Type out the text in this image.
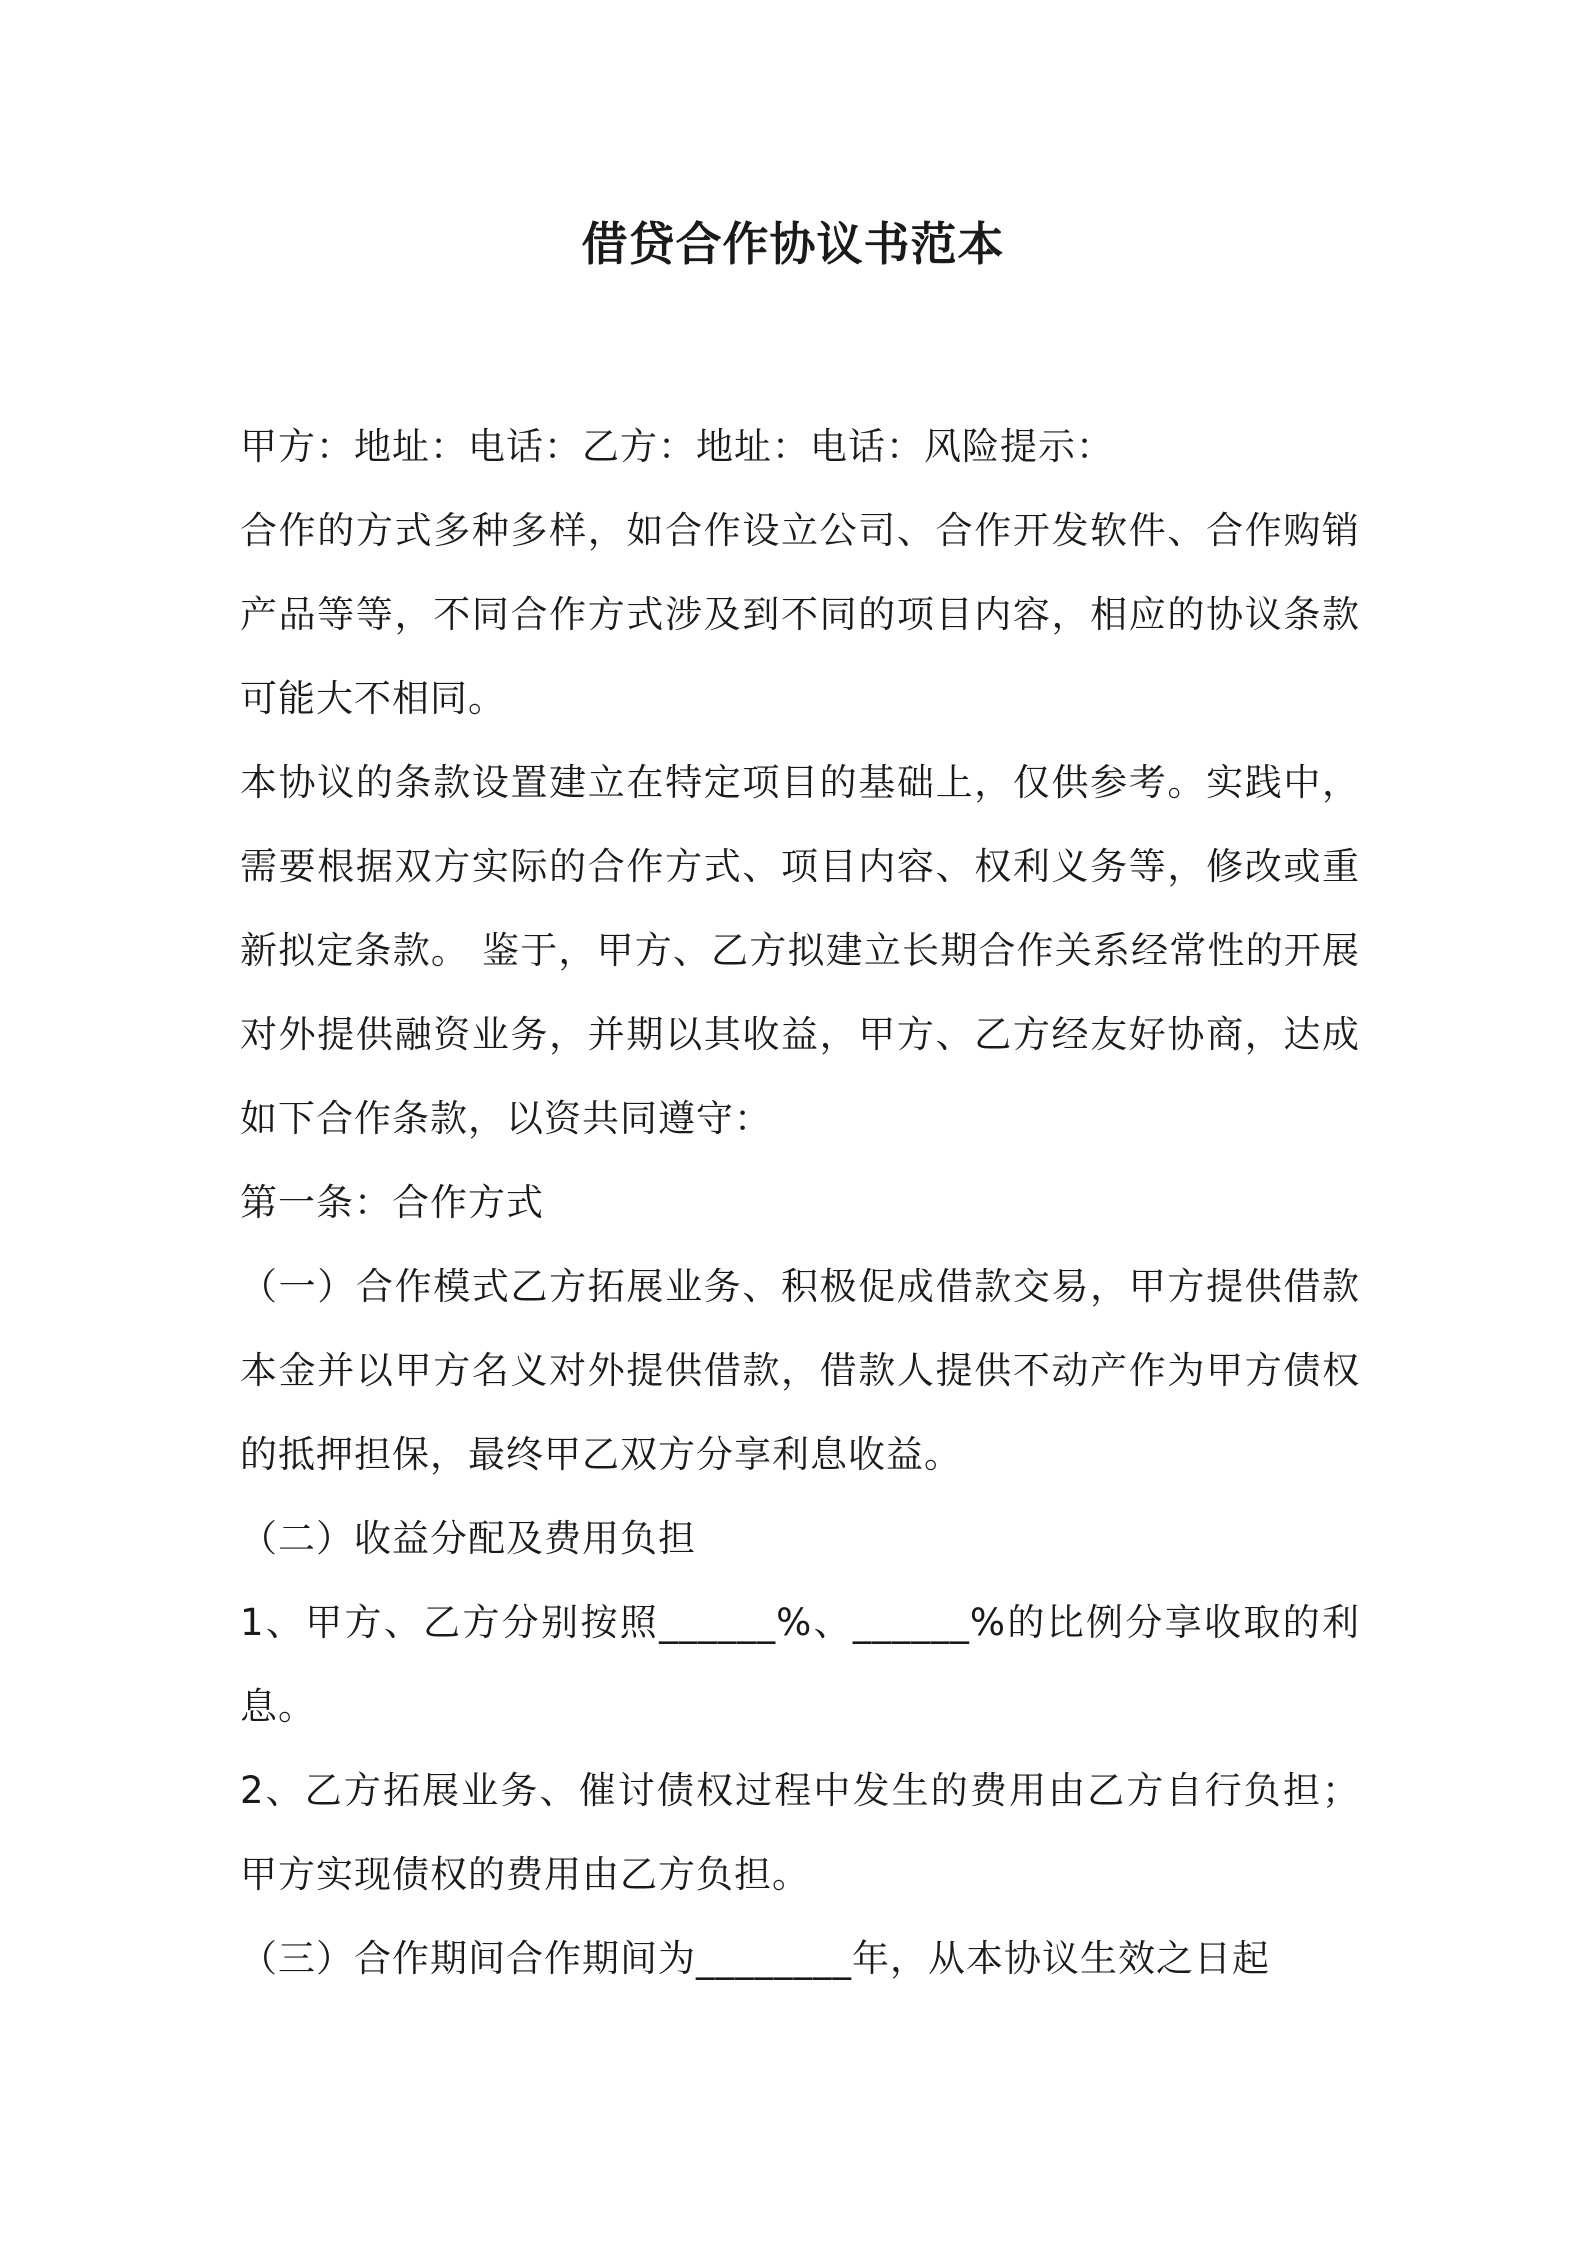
借贷合作协议书范本

甲方：地址：电话：乙方：地址：电话：风险提示：

合作的方式多种多样，如合作设立公司、合作开发软件、合作购销产品等等，不同合作方式涉及到不同的项目内容，相应的协议条款可能大不相同。

本协议的条款设置建立在特定项目的基础上，仅供参考。实践中，需要根据双方实际的合作方式、项目内容、权利义务等，修改或重新拟定条款。 鉴于，甲方、乙方拟建立长期合作关系经常性的开展对外提供融资业务，并期以其收益，甲方、乙方经友好协商，达成如下合作条款，以资共同遵守：

第一条：合作方式

（一）合作模式乙方拓展业务、积极促成借款交易，甲方提供借款本金并以甲方名义对外提供借款，借款人提供不动产作为甲方债权的抵押担保，最终甲乙双方分享利息收益。

（二）收益分配及费用负担

1、甲方、乙方分别按照______%、______%的比例分享收取的利息。

2、乙方拓展业务、催讨债权过程中发生的费用由乙方自行负担；甲方实现债权的费用由乙方负担。

（三）合作期间合作期间为________年，从本协议生效之日起
